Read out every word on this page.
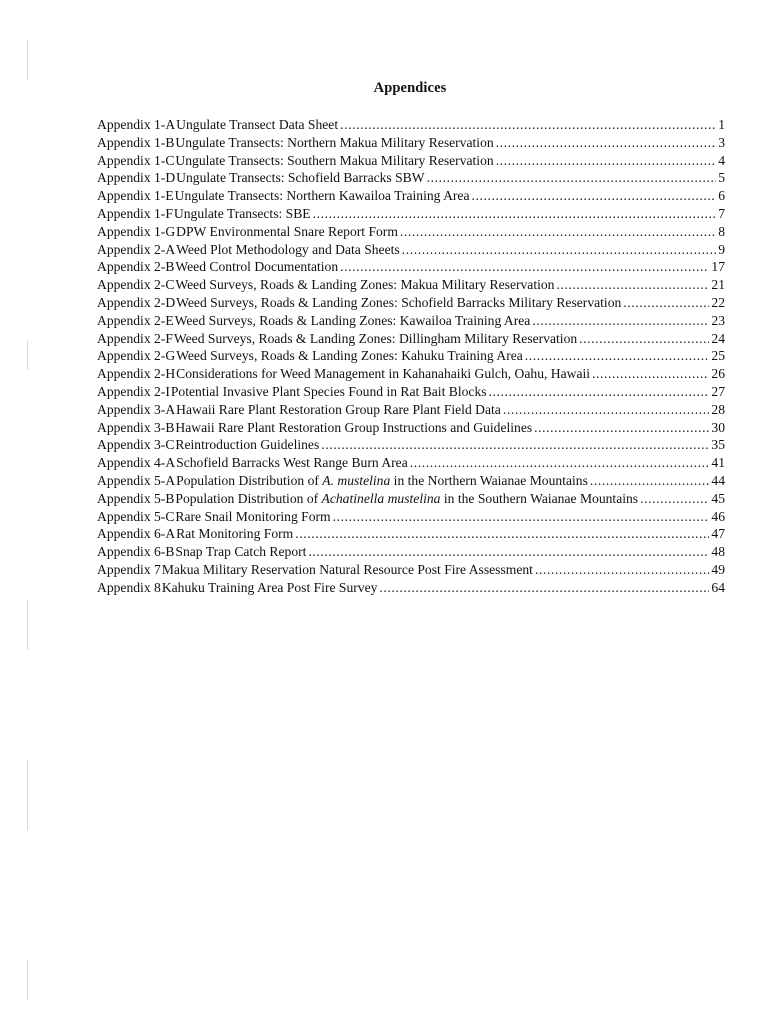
Appendices
Appendix 1-A Ungulate Transect Data Sheet .....	1
Appendix 1-B Ungulate Transects: Northern Makua Military Reservation .....	3
Appendix 1-C Ungulate Transects: Southern Makua Military Reservation .....	4
Appendix 1-D Ungulate Transects: Schofield Barracks SBW .....	5
Appendix 1-E Ungulate Transects: Northern Kawailoa Training Area .....	6
Appendix 1-F Ungulate Transects: SBE .....	7
Appendix 1-G DPW Environmental Snare Report Form .....	8
Appendix 2-A Weed Plot Methodology and Data Sheets .....	9
Appendix 2-B Weed Control Documentation .....	17
Appendix 2-C Weed Surveys, Roads & Landing Zones: Makua Military Reservation .....	21
Appendix 2-D Weed Surveys, Roads & Landing Zones: Schofield Barracks Military Reservation .....	22
Appendix 2-E Weed Surveys, Roads & Landing Zones: Kawailoa Training Area .....	23
Appendix 2-F Weed Surveys, Roads & Landing Zones: Dillingham Military Reservation .....	24
Appendix 2-G Weed Surveys, Roads & Landing Zones: Kahuku Training Area .....	25
Appendix 2-H Considerations for Weed Management in Kahanahaiki Gulch, Oahu, Hawaii .....	26
Appendix 2-I Potential Invasive Plant Species Found in Rat Bait Blocks .....	27
Appendix 3-A Hawaii Rare Plant Restoration Group Rare Plant Field Data .....	28
Appendix 3-B Hawaii Rare Plant Restoration Group Instructions and Guidelines .....	30
Appendix 3-C Reintroduction Guidelines .....	35
Appendix 4-A Schofield Barracks West Range Burn Area .....	41
Appendix 5-A Population Distribution of A. mustelina in the Northern Waianae Mountains .....	44
Appendix 5-B Population Distribution of Achatinella mustelina in the Southern Waianae Mountains .....	45
Appendix 5-C Rare Snail Monitoring Form .....	46
Appendix 6-A Rat Monitoring Form .....	47
Appendix 6-B Snap Trap Catch Report .....	48
Appendix 7 Makua Military Reservation Natural Resource Post Fire Assessment .....	49
Appendix 8 Kahuku Training Area Post Fire Survey .....	64
